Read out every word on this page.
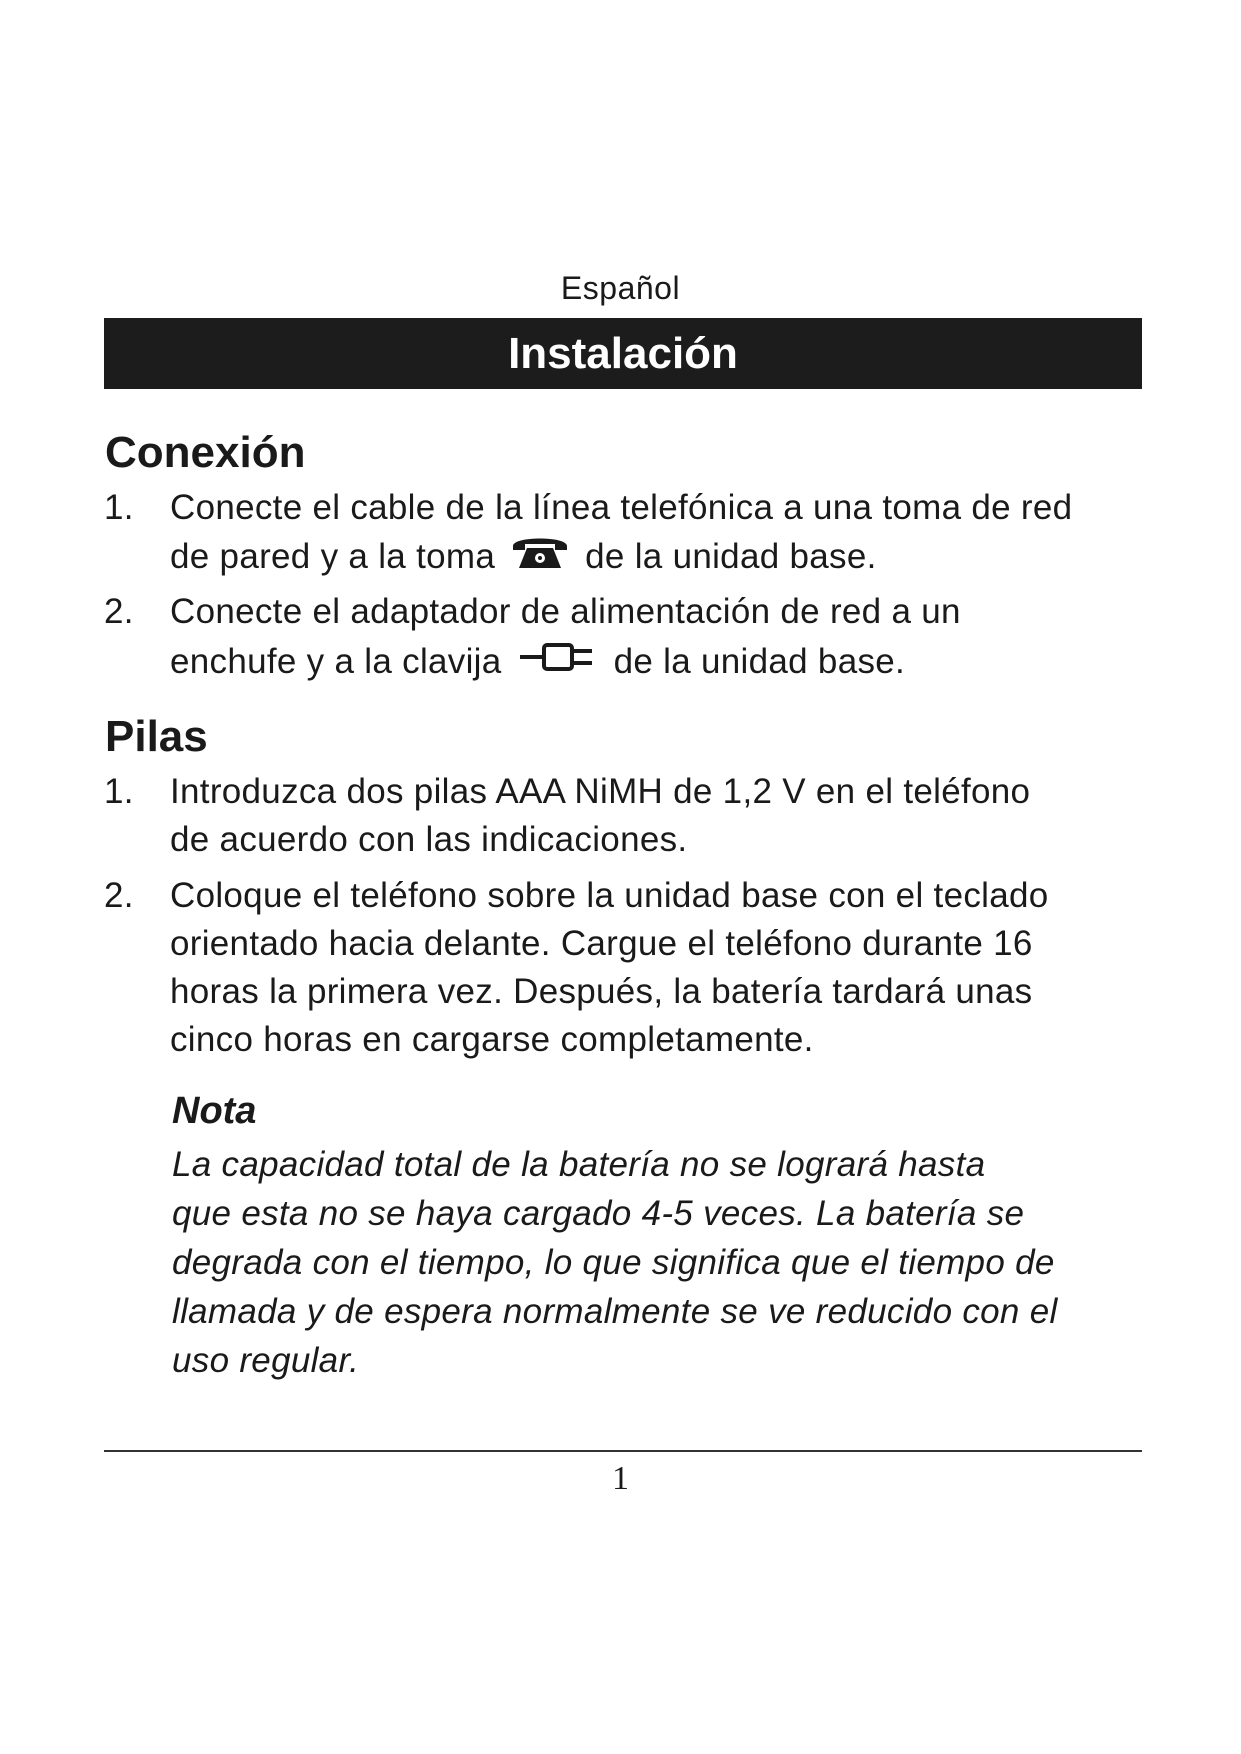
Español
Instalación
Conexión
1. Conecte el cable de la línea telefónica a una toma de red
de pared y a la toma	de la unidad base.
2. Conecte el adaptador de alimentación de red a un
enchufe y a la clavija	de la unidad base.
Pilas
1. Introduzca dos pilas AAA NiMH de 1,2 V en el teléfono
de acuerdo con las indicaciones.
2. Coloque el teléfono sobre la unidad base con el teclado
orientado hacia delante. Cargue el teléfono durante 16
horas la primera vez. Después, la batería tardará unas
cinco horas en cargarse completamente.
Nota
La capacidad total de la batería no se logrará hasta
que esta no se haya cargado 4-5 veces. La batería se
degrada con el tiempo, lo que significa que el tiempo de
llamada y de espera normalmente se ve reducido con el
uso regular.
1
